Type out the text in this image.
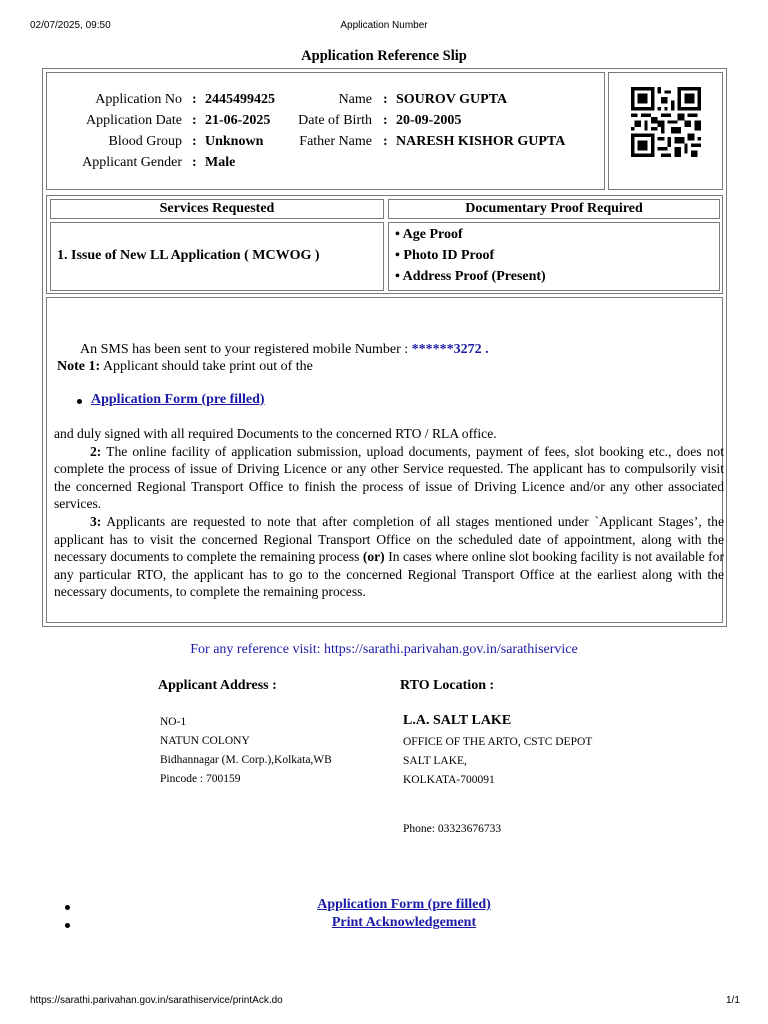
02/07/2025, 09:50	Application Number
Application Reference Slip
Application No : 2445499425	Name : SOUROV GUPTA
Application Date : 21-06-2025	Date of Birth : 20-09-2005
Blood Group : Unknown	Father Name : NARESH KISHOR GUPTA
Applicant Gender : Male
Services Requested	Documentary Proof Required
1. Issue of New LL Application ( MCWOG )
• Age Proof
• Photo ID Proof
• Address Proof (Present)
An SMS has been sent to your registered mobile Number : ******3272 .
Note 1: Applicant should take print out of the
Application Form (pre filled)
and duly signed with all required Documents to the concerned RTO / RLA office.
2: The online facility of application submission, upload documents, payment of fees, slot booking etc., does not complete the process of issue of Driving Licence or any other Service requested. The applicant has to compulsorily visit the concerned Regional Transport Office to finish the process of issue of Driving Licence and/or any other associated services.
3: Applicants are requested to note that after completion of all stages mentioned under `Applicant Stages’, the applicant has to visit the concerned Regional Transport Office on the scheduled date of appointment, along with the necessary documents to complete the remaining process (or) In cases where online slot booking facility is not available for any particular RTO, the applicant has to go to the concerned Regional Transport Office at the earliest along with the necessary documents, to complete the remaining process.
For any reference visit: https://sarathi.parivahan.gov.in/sarathiservice
Applicant Address :	RTO Location :
NO-1
NATUN COLONY
Bidhannagar (M. Corp.),Kolkata,WB
Pincode : 700159
L.A. SALT LAKE
OFFICE OF THE ARTO, CSTC DEPOT
SALT LAKE,
KOLKATA-700091
Phone: 03323676733
Application Form (pre filled)
Print Acknowledgement
https://sarathi.parivahan.gov.in/sarathiservice/printAck.do	1/1
